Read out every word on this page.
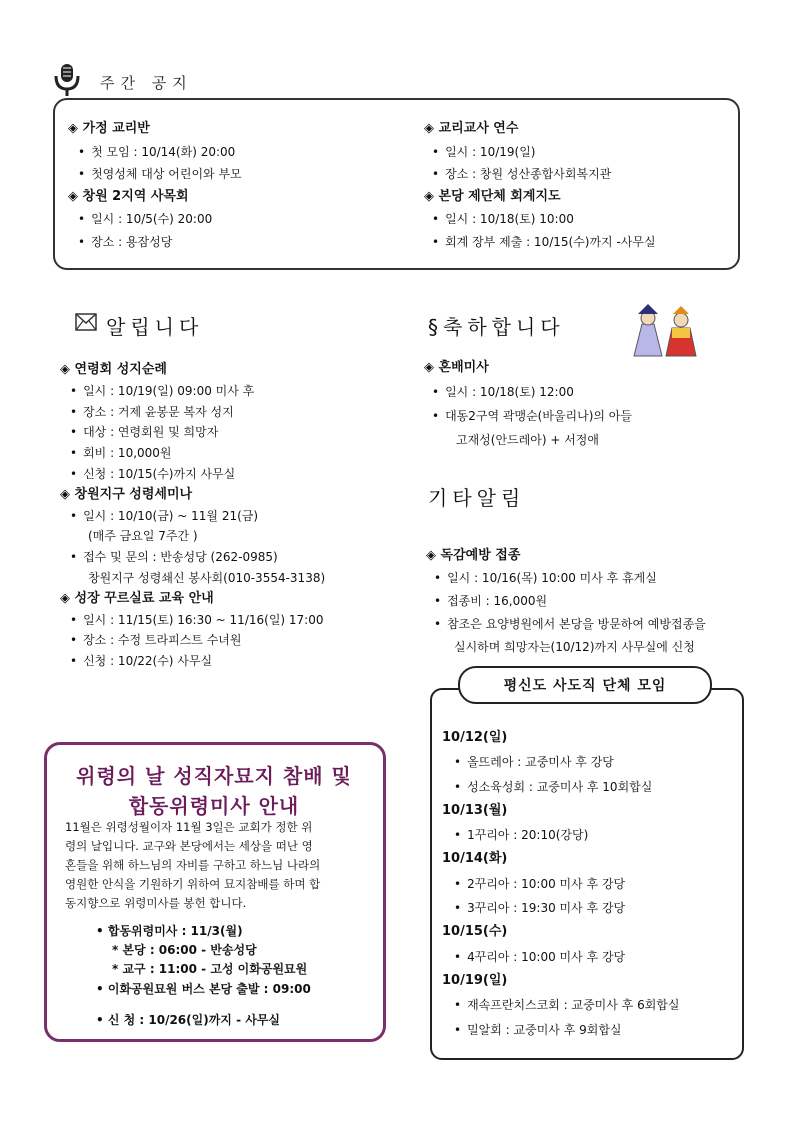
주간 공지
◈ 가정 교리반
• 첫 모임 : 10/14(화) 20:00
• 첫영성체 대상 어린이와 부모
◈ 창원 2지역 사목회
• 일시 : 10/5(수) 20:00
• 장소 : 용잠성당
◈ 교리교사 연수
• 일시 : 10/19(일)
• 장소 : 창원 성산종합사회복지관
◈ 본당 제단체 회계지도
• 일시 : 10/18(토) 10:00
• 회계 장부 제출 : 10/15(수)까지 -사무실
알립니다
◈ 연령회 성지순례
• 일시 : 10/19(일) 09:00 미사 후
• 장소 : 거제 윤봉문 복자 성지
• 대상 : 연령회원 및 희망자
• 회비 : 10,000원
• 신청 : 10/15(수)까지 사무실
◈ 창원지구 성령세미나
• 일시 : 10/10(금) ~ 11월 21(금)
(매주 금요일 7주간 )
• 접수 및 문의 : 반송성당 (262-0985)
창원지구 성령쇄신 봉사회(010-3554-3138)
◈ 성장 꾸르실료 교육 안내
• 일시 : 11/15(토) 16:30 ~ 11/16(일) 17:00
• 장소 : 수정 트라피스트 수녀원
• 신청 : 10/22(수) 사무실
§축하합니다
◈ 혼배미사
• 일시 : 10/18(토) 12:00
• 대동2구역 곽맹순(바울리나)의 아들
고재성(안드레아) + 서정애
기타알림
◈ 독감예방 접종
• 일시 : 10/16(목) 10:00 미사 후 휴게실
• 접종비 : 16,000원
• 참조은 요양병원에서 본당을 방문하여 예방접종을
실시하며 희망자는(10/12)까지 사무실에 신청
위령의 날 성직자묘지 참배 및
합동위령미사 안내
11월은 위령성월이자 11월 3일은 교회가 정한 위
령의 날입니다. 교구와 본당에서는 세상을 떠난 영
혼들을 위해 하느님의 자비를 구하고 하느님 나라의
영원한 안식을 기원하기 위하여 묘지참배를 하며 합
동지향으로 위령미사를 봉헌 합니다.
• 합동위령미사 : 11/3(월)
* 본당 : 06:00 - 반송성당
* 교구 : 11:00 - 고성 이화공원묘원
• 이화공원묘원 버스 본당 출발 : 09:00
• 신 청 : 10/26(일)까지 - 사무실
평신도 사도직 단체 모임
10/12(일)
• 올뜨레아 : 교중미사 후 강당
• 성소육성회 : 교중미사 후 10회합실
10/13(월)
• 1꾸리아 : 20:10(강당)
10/14(화)
• 2꾸리아 : 10:00 미사 후 강당
• 3꾸리아 : 19:30 미사 후 강당
10/15(수)
• 4꾸리아 : 10:00 미사 후 강당
10/19(일)
• 재속프란치스코회 : 교중미사 후 6회합실
• 밀알회 : 교중미사 후 9회합실
